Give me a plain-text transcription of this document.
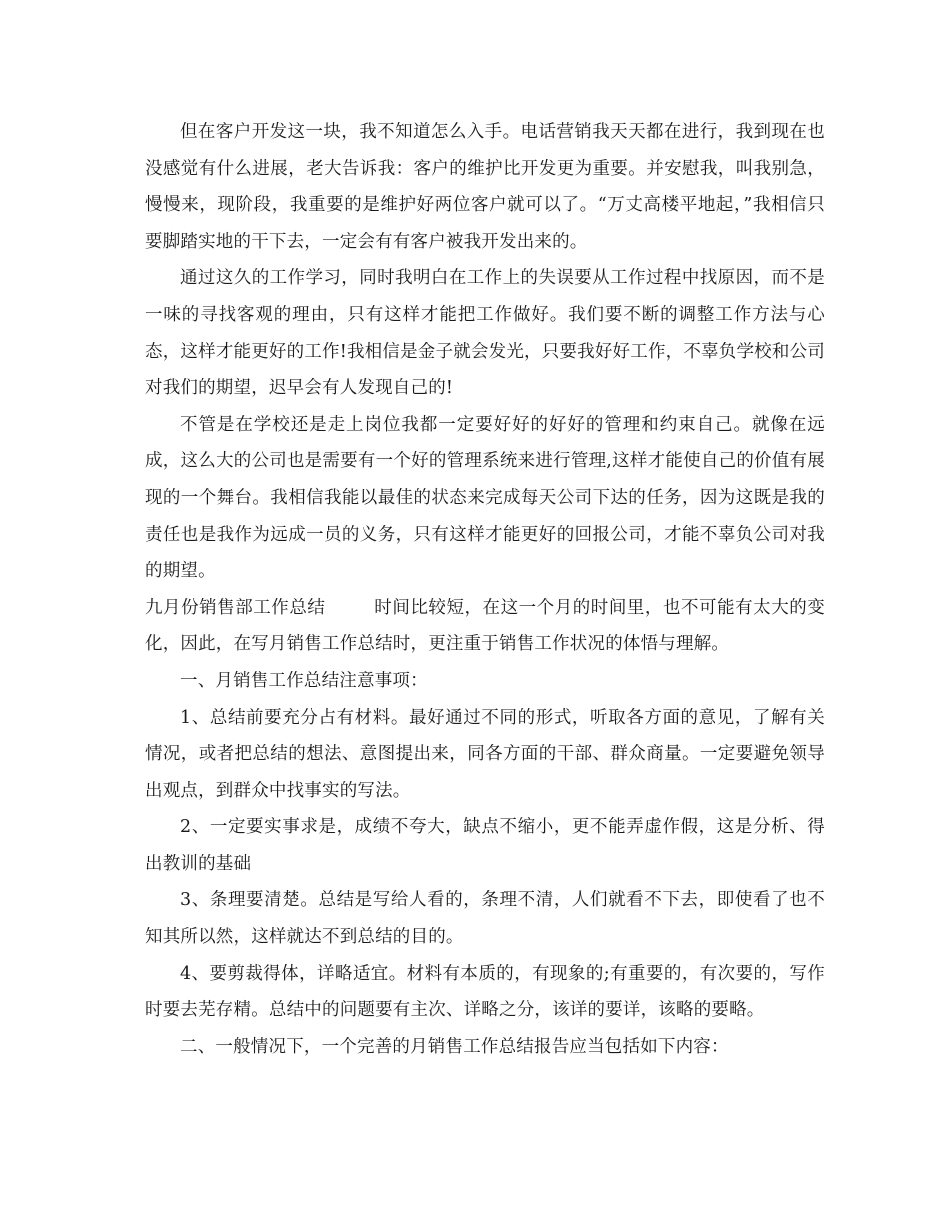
但在客户开发这一块，我不知道怎么入手。电话营销我天天都在进行，我到现在也没感觉有什么进展，老大告诉我：客户的维护比开发更为重要。并安慰我，叫我别急，慢慢来，现阶段，我重要的是维护好两位客户就可以了。“万丈高楼平地起，”我相信只要脚踏实地的干下去，一定会有有客户被我开发出来的。

通过这久的工作学习，同时我明白在工作上的失误要从工作过程中找原因，而不是一味的寻找客观的理由，只有这样才能把工作做好。我们要不断的调整工作方法与心态，这样才能更好的工作!我相信是金子就会发光，只要我好好工作，不辜负学校和公司对我们的期望，迟早会有人发现自己的!

不管是在学校还是走上岗位我都一定要好好的好好的管理和约束自己。就像在远成，这么大的公司也是需要有一个好的管理系统来进行管理,这样才能使自己的价值有展现的一个舞台。我相信我能以最佳的状态来完成每天公司下达的任务，因为这既是我的责任也是我作为远成一员的义务，只有这样才能更好的回报公司，才能不辜负公司对我的期望。

九月份销售部工作总结	时间比较短，在这一个月的时间里，也不可能有太大的变化，因此，在写月销售工作总结时，更注重于销售工作状况的体悟与理解。

一、月销售工作总结注意事项：

1、总结前要充分占有材料。最好通过不同的形式，听取各方面的意见，了解有关情况，或者把总结的想法、意图提出来，同各方面的干部、群众商量。一定要避免领导出观点，到群众中找事实的写法。

2、一定要实事求是，成绩不夸大，缺点不缩小，更不能弄虚作假，这是分析、得出教训的基础

3、条理要清楚。总结是写给人看的，条理不清，人们就看不下去，即使看了也不知其所以然，这样就达不到总结的目的。

4、要剪裁得体，详略适宜。材料有本质的，有现象的;有重要的，有次要的，写作时要去芜存精。总结中的问题要有主次、详略之分，该详的要详，该略的要略。

二、一般情况下，一个完善的月销售工作总结报告应当包括如下内容：
